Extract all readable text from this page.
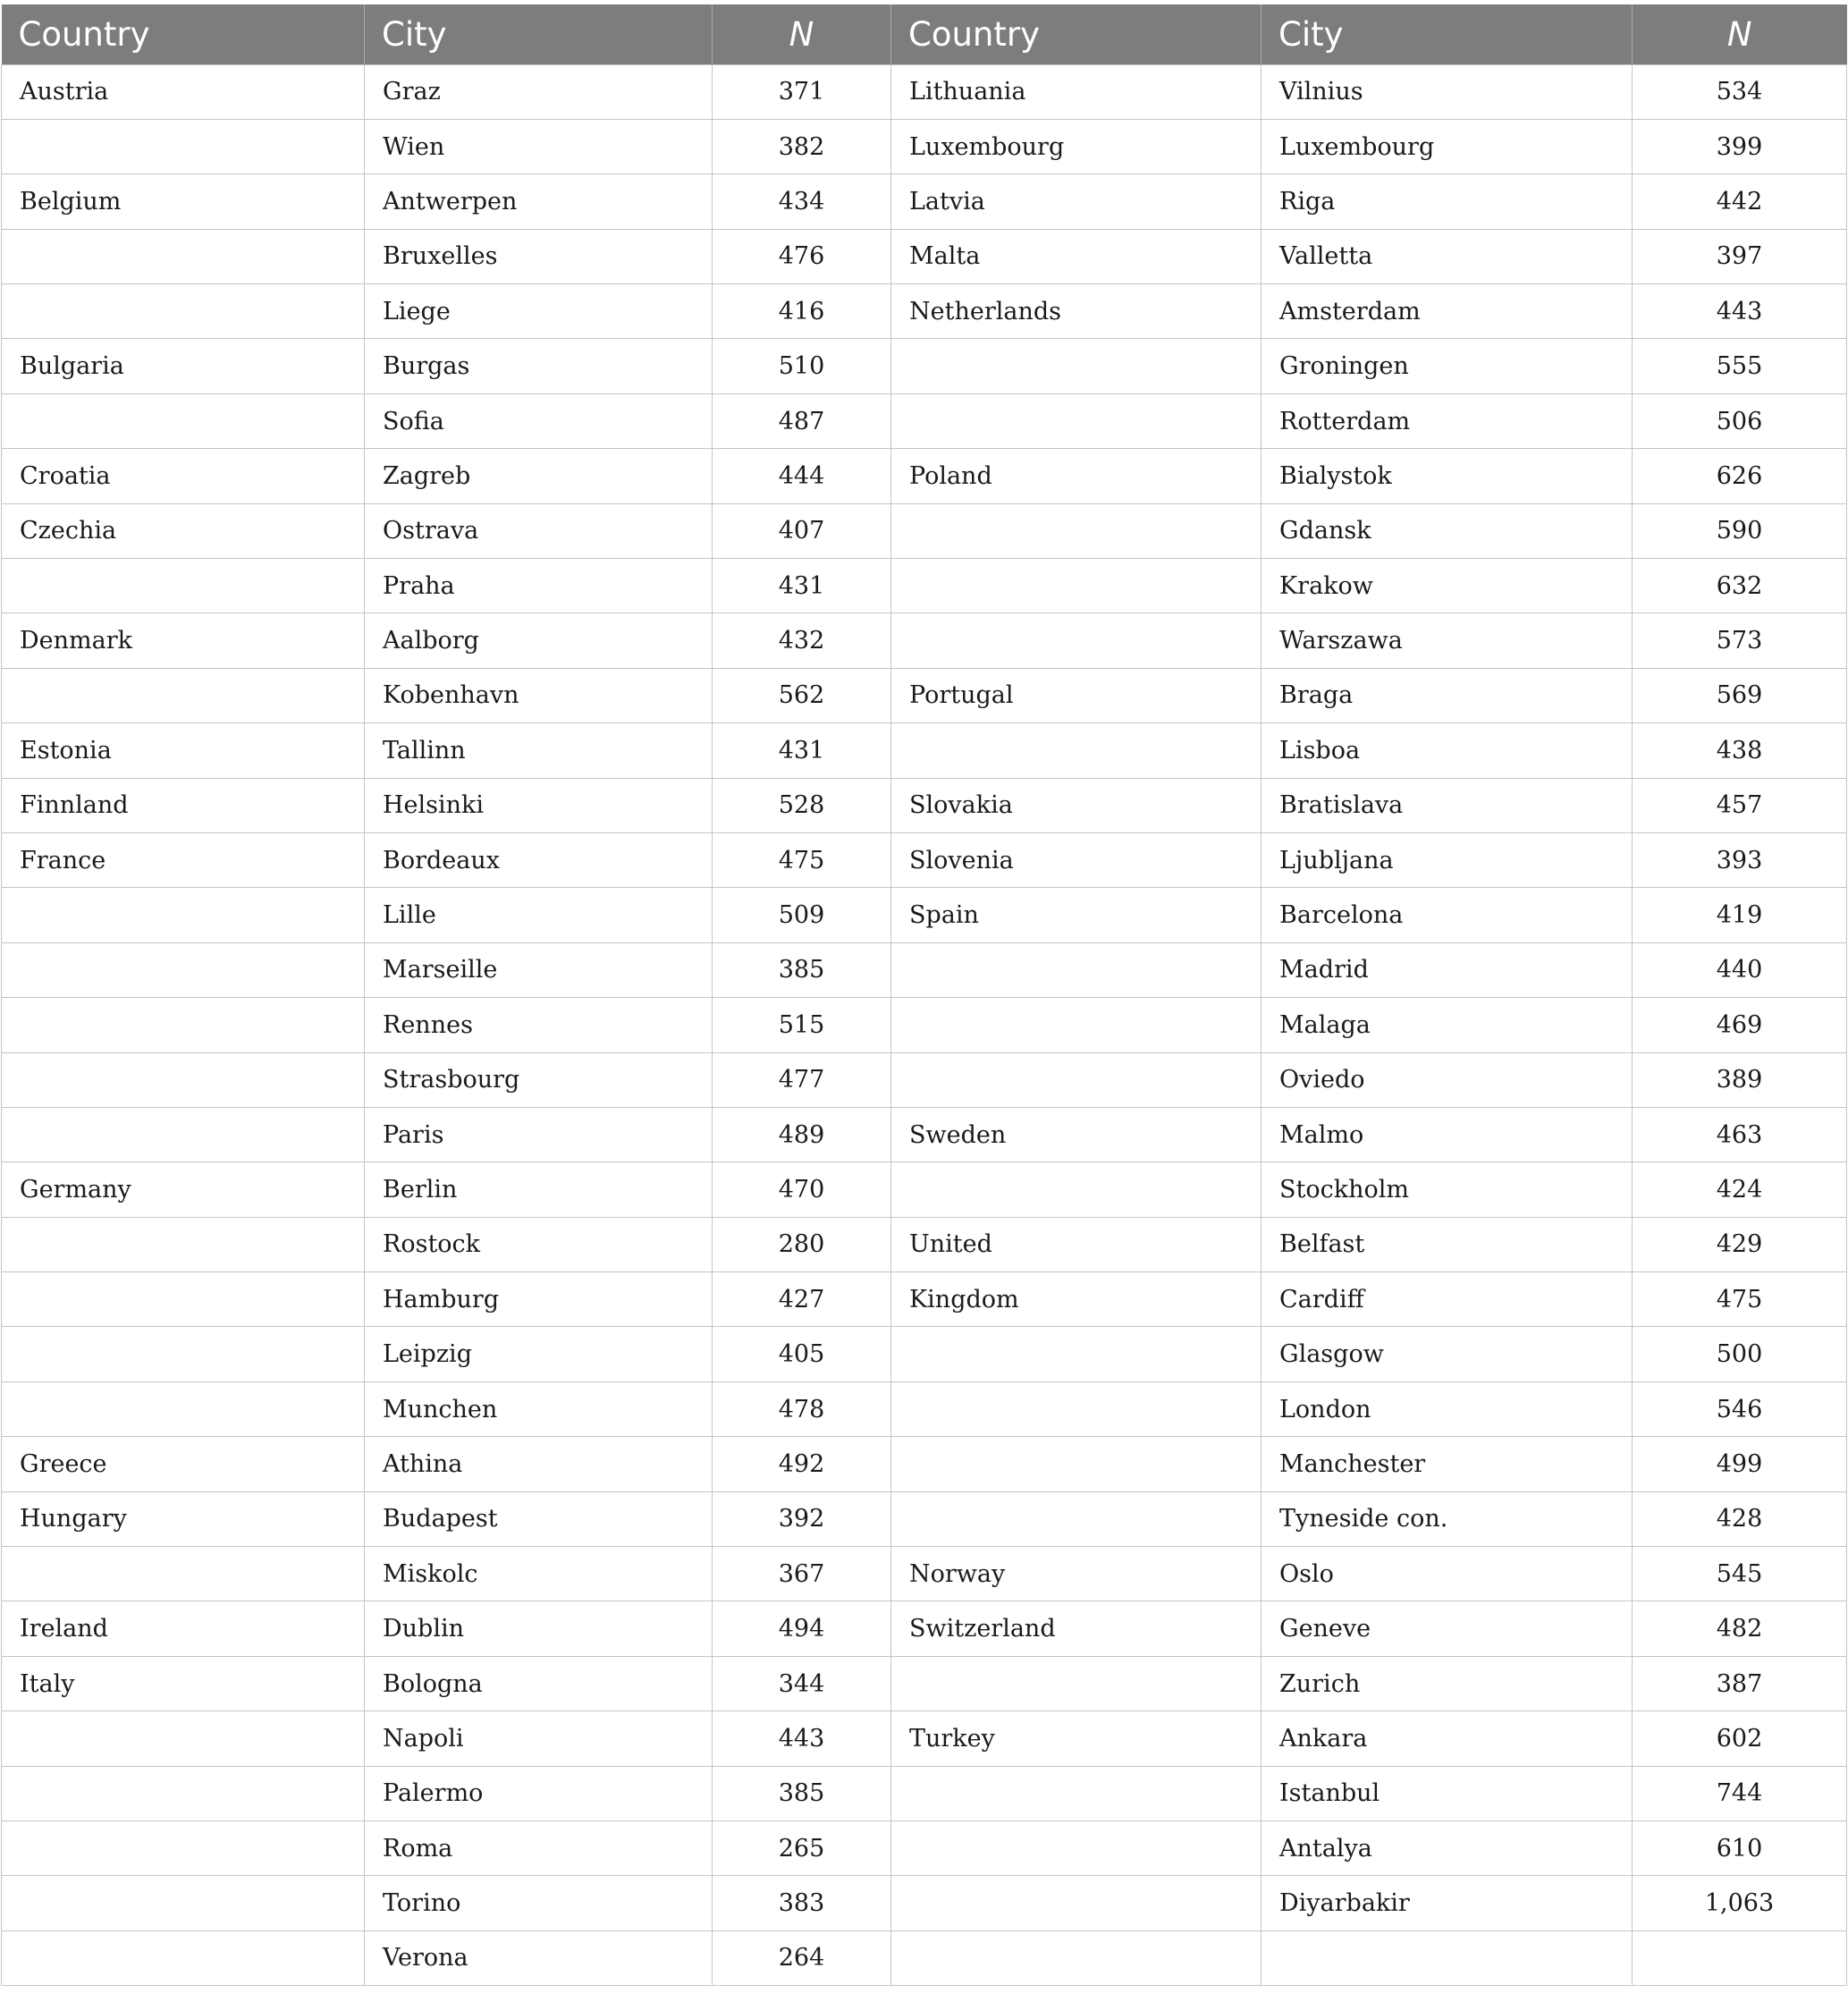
Country	City	N	Country	City	N
Austria	Graz	371	Lithuania	Vilnius	534
	Wien	382	Luxembourg	Luxembourg	399
Belgium	Antwerpen	434	Latvia	Riga	442
	Bruxelles	476	Malta	Valletta	397
	Liege	416	Netherlands	Amsterdam	443
Bulgaria	Burgas	510		Groningen	555
	Sofia	487		Rotterdam	506
Croatia	Zagreb	444	Poland	Bialystok	626
Czechia	Ostrava	407		Gdansk	590
	Praha	431		Krakow	632
Denmark	Aalborg	432		Warszawa	573
	Kobenhavn	562	Portugal	Braga	569
Estonia	Tallinn	431		Lisboa	438
Finnland	Helsinki	528	Slovakia	Bratislava	457
France	Bordeaux	475	Slovenia	Ljubljana	393
	Lille	509	Spain	Barcelona	419
	Marseille	385		Madrid	440
	Rennes	515		Malaga	469
	Strasbourg	477		Oviedo	389
	Paris	489	Sweden	Malmo	463
Germany	Berlin	470		Stockholm	424
	Rostock	280	United	Belfast	429
	Hamburg	427	Kingdom	Cardiff	475
	Leipzig	405		Glasgow	500
	Munchen	478		London	546
Greece	Athina	492		Manchester	499
Hungary	Budapest	392		Tyneside con.	428
	Miskolc	367	Norway	Oslo	545
Ireland	Dublin	494	Switzerland	Geneve	482
Italy	Bologna	344		Zurich	387
	Napoli	443	Turkey	Ankara	602
	Palermo	385		Istanbul	744
	Roma	265		Antalya	610
	Torino	383		Diyarbakir	1,063
	Verona	264			
